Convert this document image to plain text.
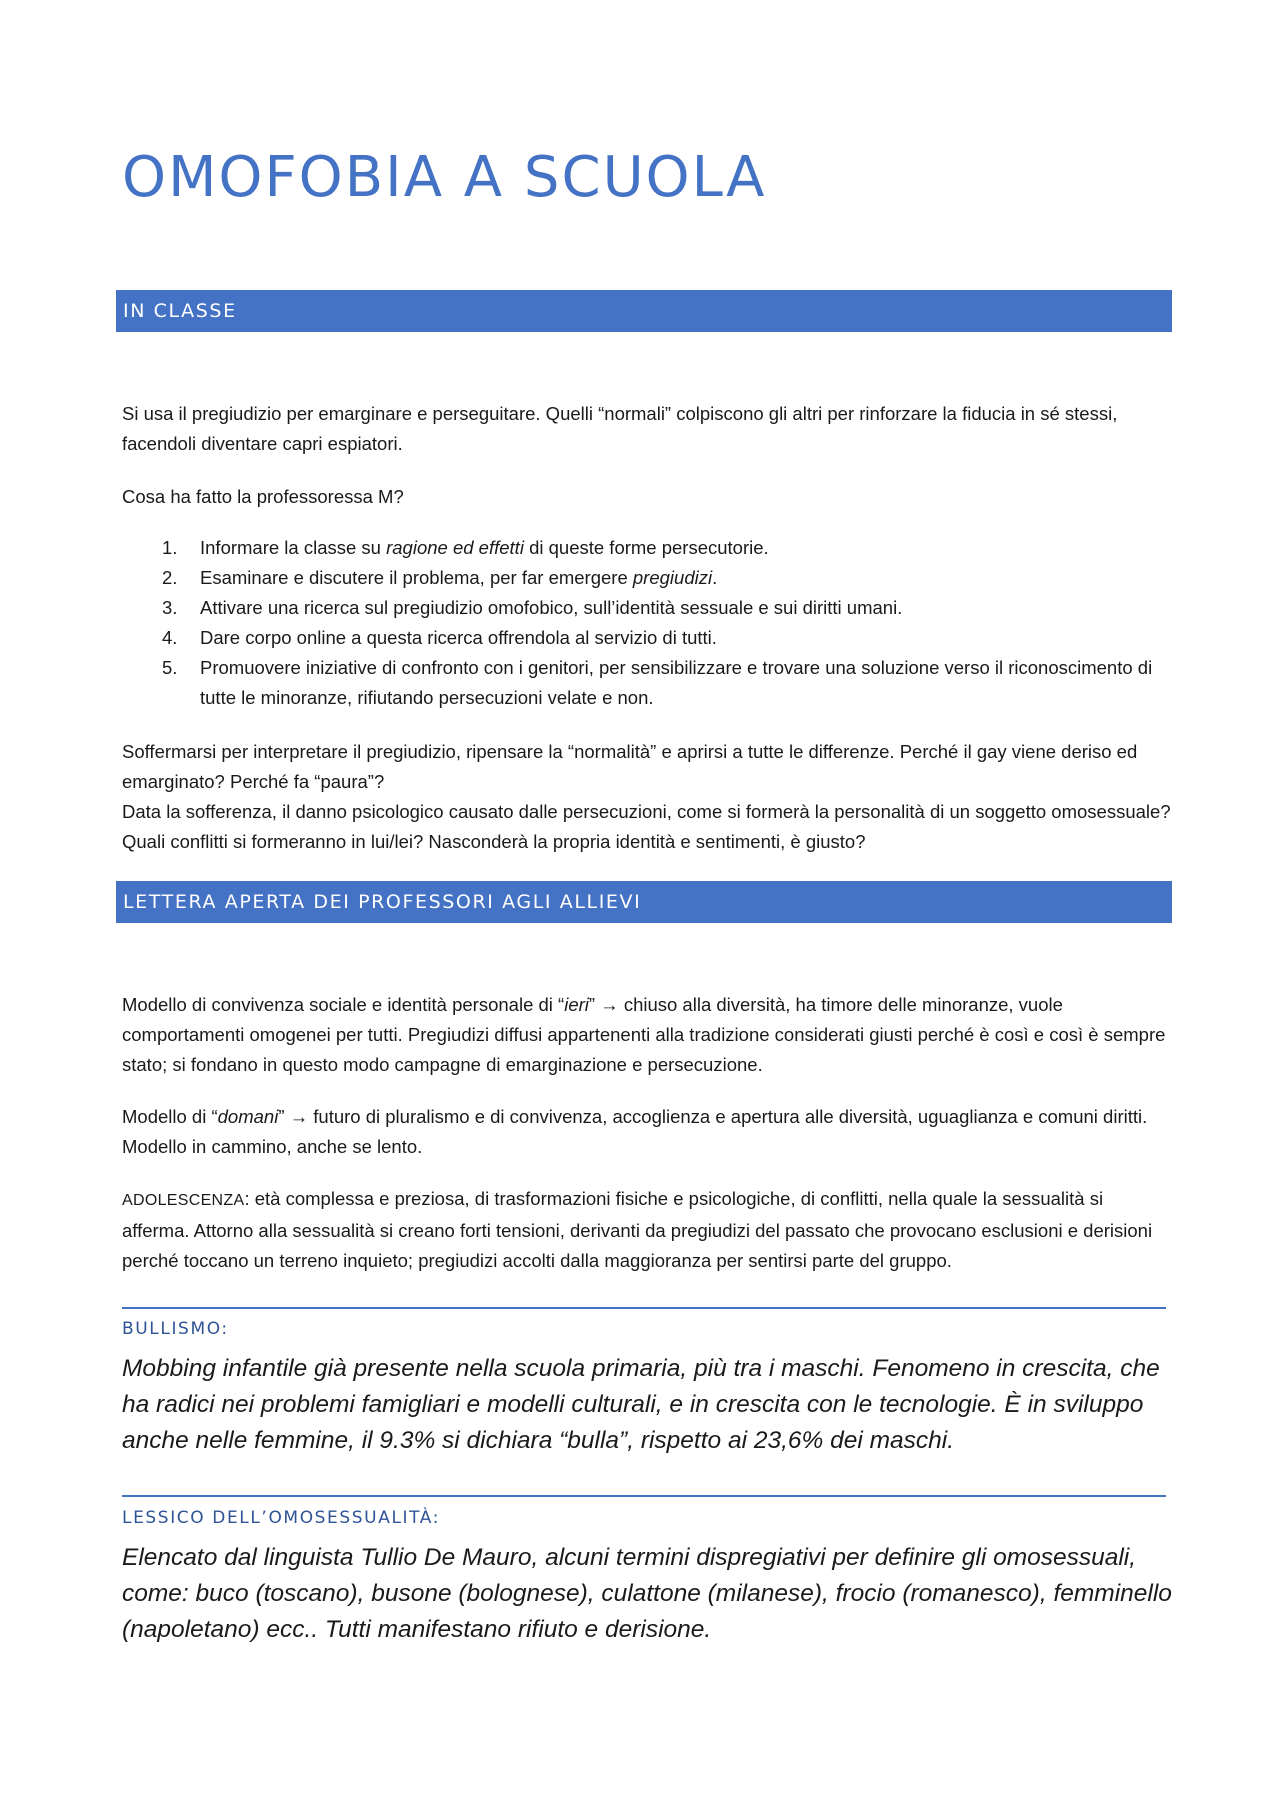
OMOFOBIA A SCUOLA
IN CLASSE

Si usa il pregiudizio per emarginare e perseguitare. Quelli “normali” colpiscono gli altri per rinforzare la fiducia in sé stessi, facendoli diventare capri espiatori.

Cosa ha fatto la professoressa M?

1. Informare la classe su ragione ed effetti di queste forme persecutorie.
2. Esaminare e discutere il problema, per far emergere pregiudizi.
3. Attivare una ricerca sul pregiudizio omofobico, sull’identità sessuale e sui diritti umani.
4. Dare corpo online a questa ricerca offrendola al servizio di tutti.
5. Promuovere iniziative di confronto con i genitori, per sensibilizzare e trovare una soluzione verso il riconoscimento di tutte le minoranze, rifiutando persecuzioni velate e non.

Soffermarsi per interpretare il pregiudizio, ripensare la “normalità” e aprirsi a tutte le differenze. Perché il gay viene deriso ed emarginato? Perché fa “paura”?

Data la sofferenza, il danno psicologico causato dalle persecuzioni, come si formerà la personalità di un soggetto omosessuale? Quali conflitti si formeranno in lui/lei? Nasconderà la propria identità e sentimenti, è giusto?

LETTERA APERTA DEI PROFESSORI AGLI ALLIEVI

Modello di convivenza sociale e identità personale di “ieri” → chiuso alla diversità, ha timore delle minoranze, vuole comportamenti omogenei per tutti. Pregiudizi diffusi appartenenti alla tradizione considerati giusti perché è così e così è sempre stato; si fondano in questo modo campagne di emarginazione e persecuzione.

Modello di “domani” → futuro di pluralismo e di convivenza, accoglienza e apertura alle diversità, uguaglianza e comuni diritti. Modello in cammino, anche se lento.

ADOLESCENZA: età complessa e preziosa, di trasformazioni fisiche e psicologiche, di conflitti, nella quale la sessualità si afferma. Attorno alla sessualità si creano forti tensioni, derivanti da pregiudizi del passato che provocano esclusioni e derisioni perché toccano un terreno inquieto; pregiudizi accolti dalla maggioranza per sentirsi parte del gruppo.

BULLISMO:

Mobbing infantile già presente nella scuola primaria, più tra i maschi. Fenomeno in crescita, che ha radici nei problemi famigliari e modelli culturali, e in crescita con le tecnologie. È in sviluppo anche nelle femmine, il 9.3% si dichiara “bulla”, rispetto ai 23,6% dei maschi.

LESSICO DELL’OMOSESSUALITÀ:

Elencato dal linguista Tullio De Mauro, alcuni termini dispregiativi per definire gli omosessuali, come: buco (toscano), busone (bolognese), culattone (milanese), frocio (romanesco), femminello (napoletano) ecc.. Tutti manifestano rifiuto e derisione.
